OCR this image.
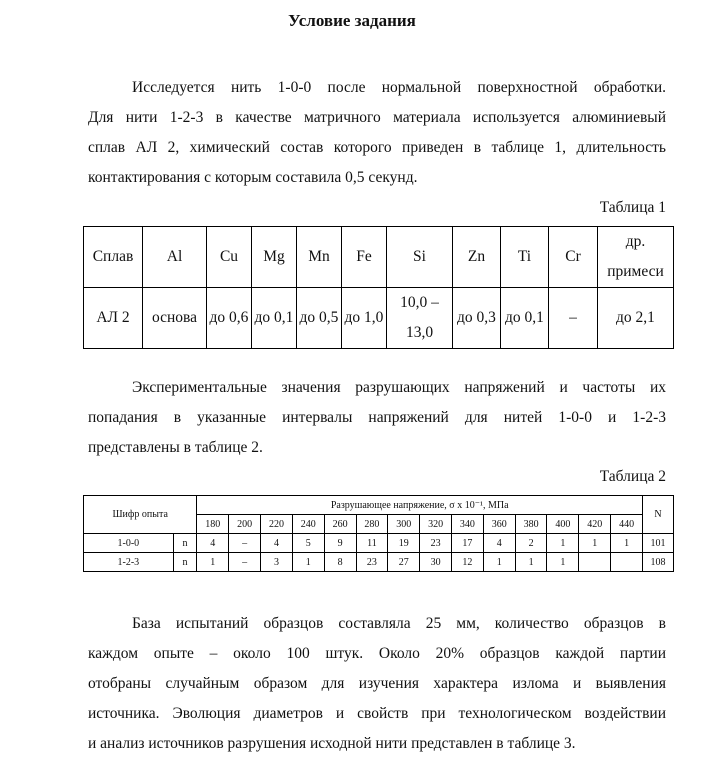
Условие задания
Исследуется нить 1-0-0 после нормальной поверхностной обработки.
Для нити 1-2-3 в качестве матричного материала используется алюминиевый
сплав АЛ 2, химический состав которого приведен в таблице 1, длительность
контактирования с которым составила 0,5 секунд.
Таблица 1
Сплав	Al	Cu	Mg	Mn	Fe	Si	Zn	Ti	Cr	др. примеси
АЛ 2	основа	до 0,6	до 0,1	до 0,5	до 1,0	10,0 – 13,0	до 0,3	до 0,1	–	до 2,1
Экспериментальные значения разрушающих напряжений и частоты их
попадания в указанные интервалы напряжений для нитей 1-0-0 и 1-2-3
представлены в таблице 2.
Таблица 2
Шифр опыта		Разрушающее напряжение, σ x 10⁻¹, МПа														N
		180	200	220	240	260	280	300	320	340	360	380	400	420	440	
1-0-0	n	4	–	4	5	9	11	19	23	17	4	2	1	1	1	101
1-2-3	n	1	–	3	1	8	23	27	30	12	1	1	1			108
База испытаний образцов составляла 25 мм, количество образцов в
каждом опыте – около 100 штук. Около 20% образцов каждой партии
отобраны случайным образом для изучения характера излома и выявления
источника. Эволюция диаметров и свойств при технологическом воздействии
и анализ источников разрушения исходной нити представлен в таблице 3.
